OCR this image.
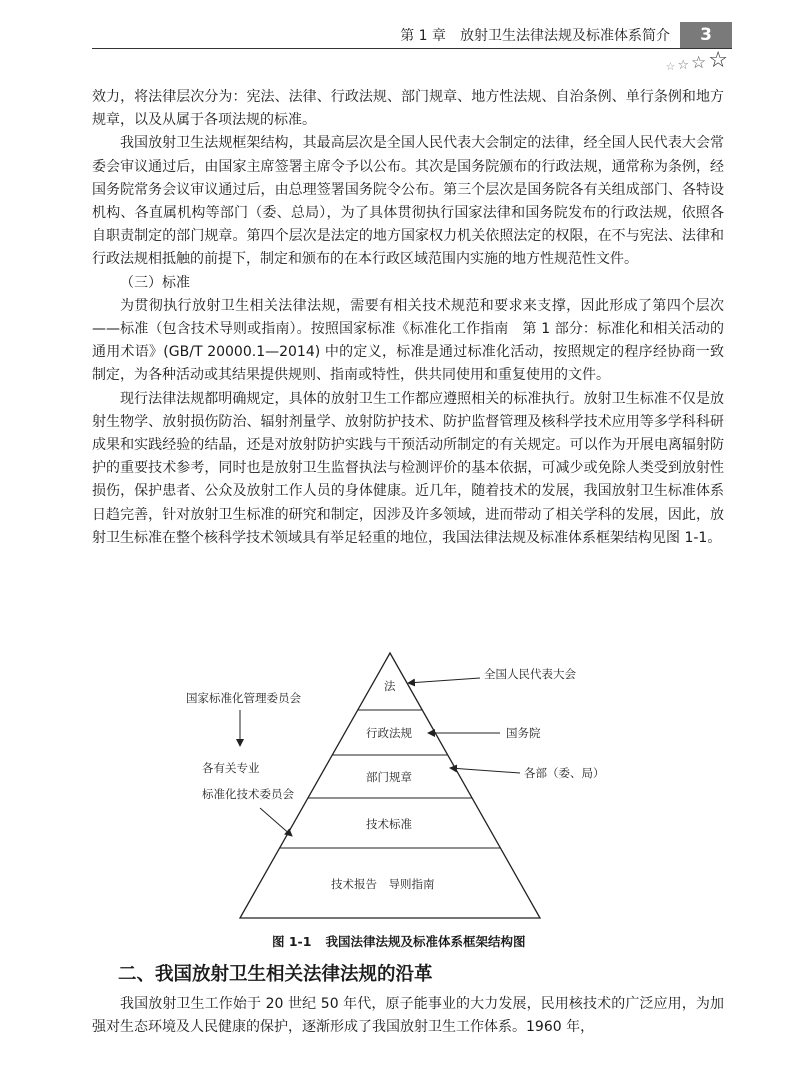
第 1 章　放射卫生法律法规及标准体系简介	3
☆ ☆ ☆ ☆

效力，将法律层次分为：宪法、法律、行政法规、部门规章、地方性法规、自治条例、单行条例和地方规章，以及从属于各项法规的标准。

我国放射卫生法规框架结构，其最高层次是全国人民代表大会制定的法律，经全国人民代表大会常委会审议通过后，由国家主席签署主席令予以公布。其次是国务院颁布的行政法规，通常称为条例，经国务院常务会议审议通过后，由总理签署国务院令公布。第三个层次是国务院各有关组成部门、各特设机构、各直属机构等部门（委、总局），为了具体贯彻执行国家法律和国务院发布的行政法规，依照各自职责制定的部门规章。第四个层次是法定的地方国家权力机关依照法定的权限，在不与宪法、法律和行政法规相抵触的前提下，制定和颁布的在本行政区域范围内实施的地方性规范性文件。

（三）标准

为贯彻执行放射卫生相关法律法规，需要有相关技术规范和要求来支撑，因此形成了第四个层次——标准（包含技术导则或指南）。按照国家标准《标准化工作指南　第 1 部分：标准化和相关活动的通用术语》(GB/T 20000.1—2014) 中的定义，标准是通过标准化活动，按照规定的程序经协商一致制定，为各种活动或其结果提供规则、指南或特性，供共同使用和重复使用的文件。

现行法律法规都明确规定，具体的放射卫生工作都应遵照相关的标准执行。放射卫生标准不仅是放射生物学、放射损伤防治、辐射剂量学、放射防护技术、防护监督管理及核科学技术应用等多学科科研成果和实践经验的结晶，还是对放射防护实践与干预活动所制定的有关规定。可以作为开展电离辐射防护的重要技术参考，同时也是放射卫生监督执法与检测评价的基本依据，可减少或免除人类受到放射性损伤，保护患者、公众及放射工作人员的身体健康。近几年，随着技术的发展，我国放射卫生标准体系日趋完善，针对放射卫生标准的研究和制定，因涉及许多领域，进而带动了相关学科的发展，因此，放射卫生标准在整个核科学技术领域具有举足轻重的地位，我国法律法规及标准体系框架结构见图 1-1。

法
行政法规
部门规章
技术标准
技术报告　导则指南
全国人民代表大会
国务院
各部（委、局）
国家标准化管理委员会
各有关专业
标准化技术委员会
图 1-1 我国法律法规及标准体系框架结构图
二、我国放射卫生相关法律法规的沿革

我国放射卫生工作始于 20 世纪 50 年代，原子能事业的大力发展，民用核技术的广泛应用，为加强对生态环境及人民健康的保护，逐渐形成了我国放射卫生工作体系。1960 年，
